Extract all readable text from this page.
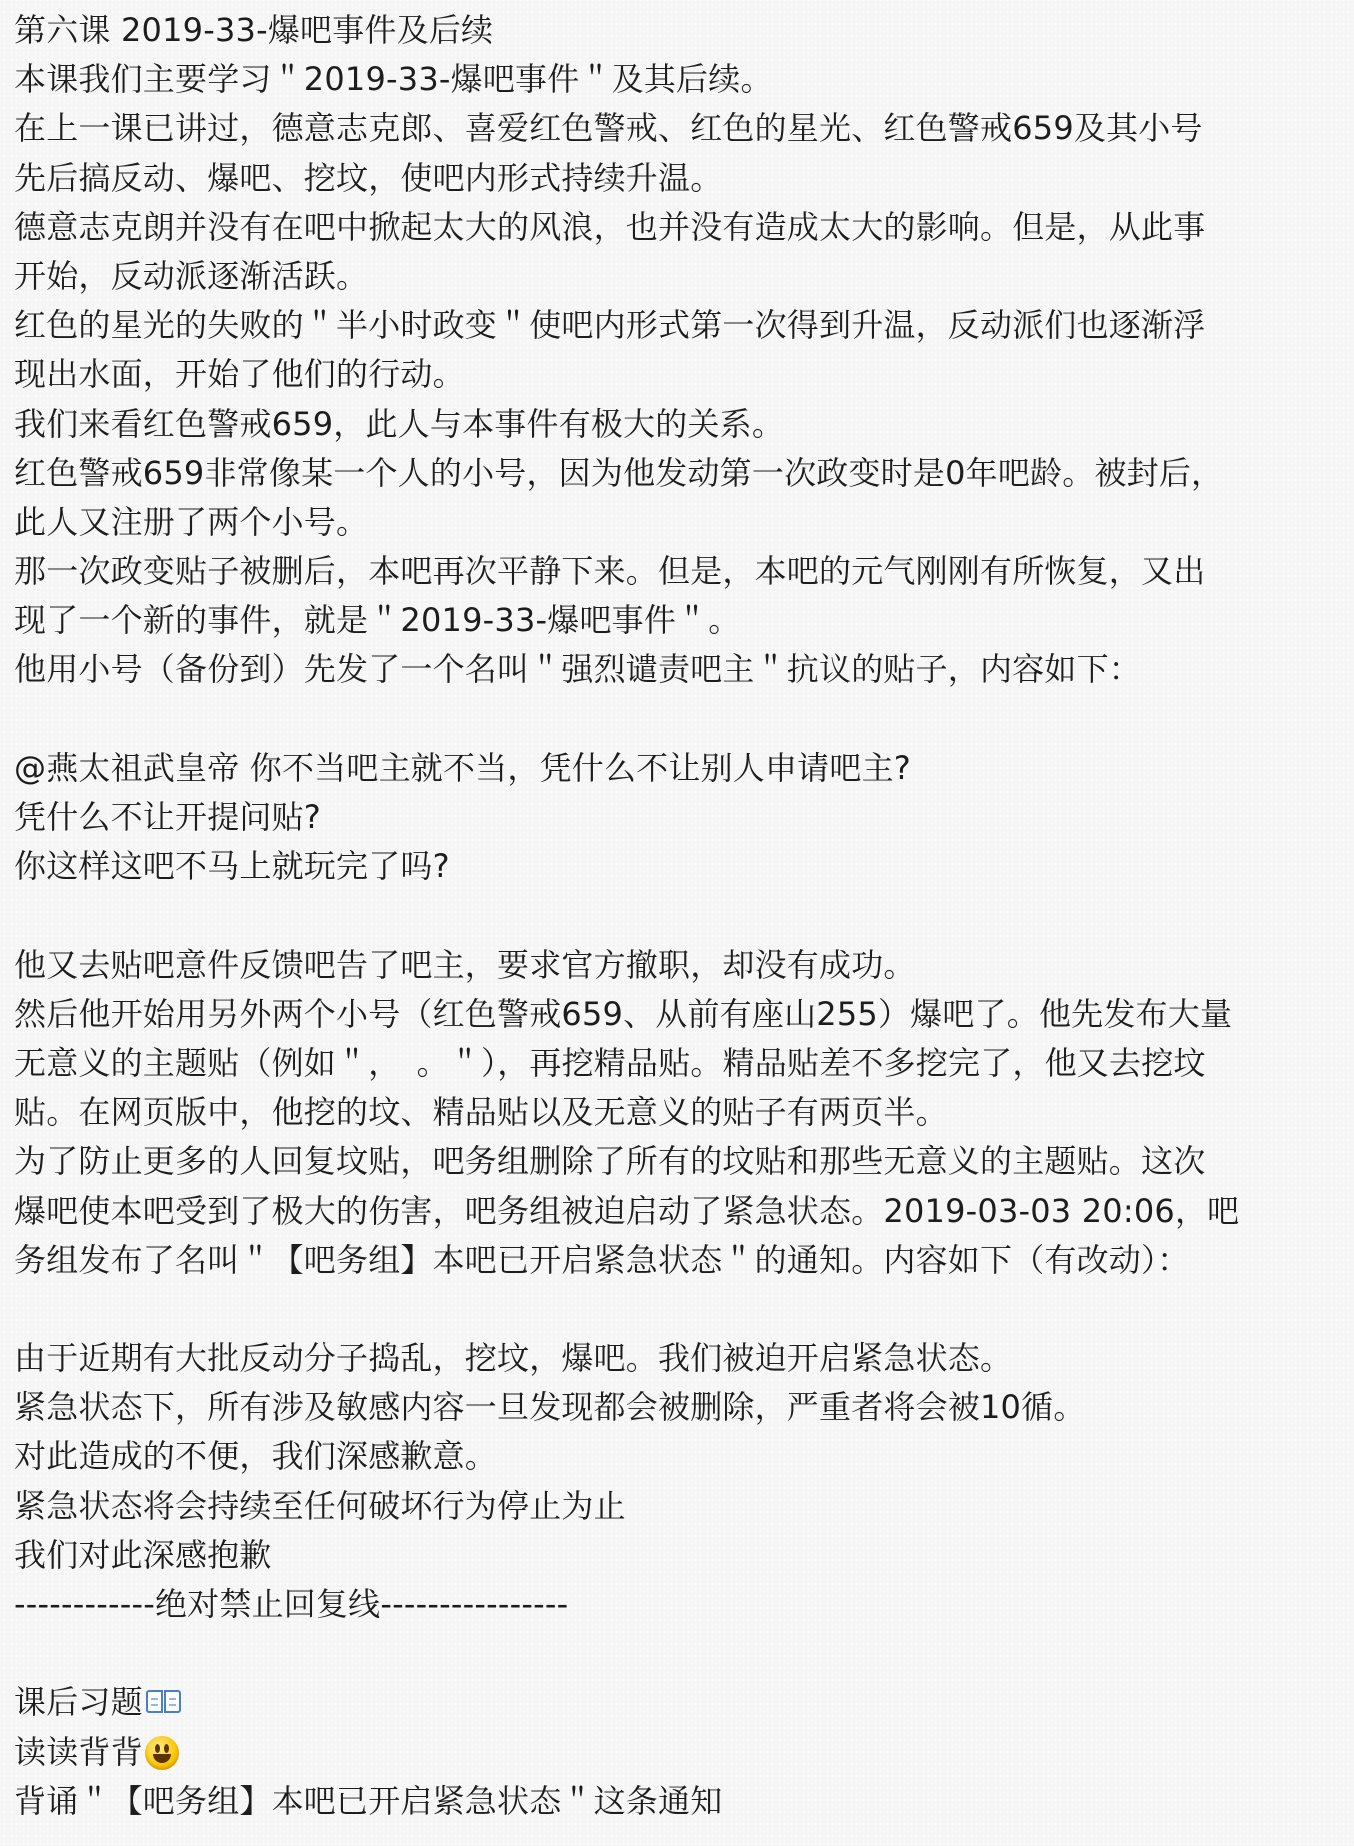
第六课 2019-33-爆吧事件及后续
本课我们主要学习＂2019-33-爆吧事件＂及其后续。
在上一课已讲过，德意志克郎、喜爱红色警戒、红色的星光、红色警戒659及其小号
先后搞反动、爆吧、挖坟，使吧内形式持续升温。
德意志克朗并没有在吧中掀起太大的风浪，也并没有造成太大的影响。但是，从此事
开始，反动派逐渐活跃。
红色的星光的失败的＂半小时政变＂使吧内形式第一次得到升温，反动派们也逐渐浮
现出水面，开始了他们的行动。
我们来看红色警戒659，此人与本事件有极大的关系。
红色警戒659非常像某一个人的小号，因为他发动第一次政变时是0年吧龄。被封后，
此人又注册了两个小号。
那一次政变贴子被删后，本吧再次平静下来。但是，本吧的元气刚刚有所恢复，又出
现了一个新的事件，就是＂2019-33-爆吧事件＂。
他用小号（备份到）先发了一个名叫＂强烈谴责吧主＂抗议的贴子，内容如下：
@燕太祖武皇帝 你不当吧主就不当，凭什么不让别人申请吧主?
凭什么不让开提问贴?
你这样这吧不马上就玩完了吗?
他又去贴吧意件反馈吧告了吧主，要求官方撤职，却没有成功。
然后他开始用另外两个小号（红色警戒659、从前有座山255）爆吧了。他先发布大量
无意义的主题贴（例如＂，　。＂），再挖精品贴。精品贴差不多挖完了，他又去挖坟
贴。在网页版中，他挖的坟、精品贴以及无意义的贴子有两页半。
为了防止更多的人回复坟贴，吧务组删除了所有的坟贴和那些无意义的主题贴。这次
爆吧使本吧受到了极大的伤害，吧务组被迫启动了紧急状态。2019-03-03 20:06，吧
务组发布了名叫＂【吧务组】本吧已开启紧急状态＂的通知。内容如下（有改动）：
由于近期有大批反动分子捣乱，挖坟，爆吧。我们被迫开启紧急状态。
紧急状态下，所有涉及敏感内容一旦发现都会被删除，严重者将会被10循。
对此造成的不便，我们深感歉意。
紧急状态将会持续至任何破坏行为停止为止
我们对此深感抱歉
------------绝对禁止回复线----------------
课后习题
读读背背
背诵＂【吧务组】本吧已开启紧急状态＂这条通知
